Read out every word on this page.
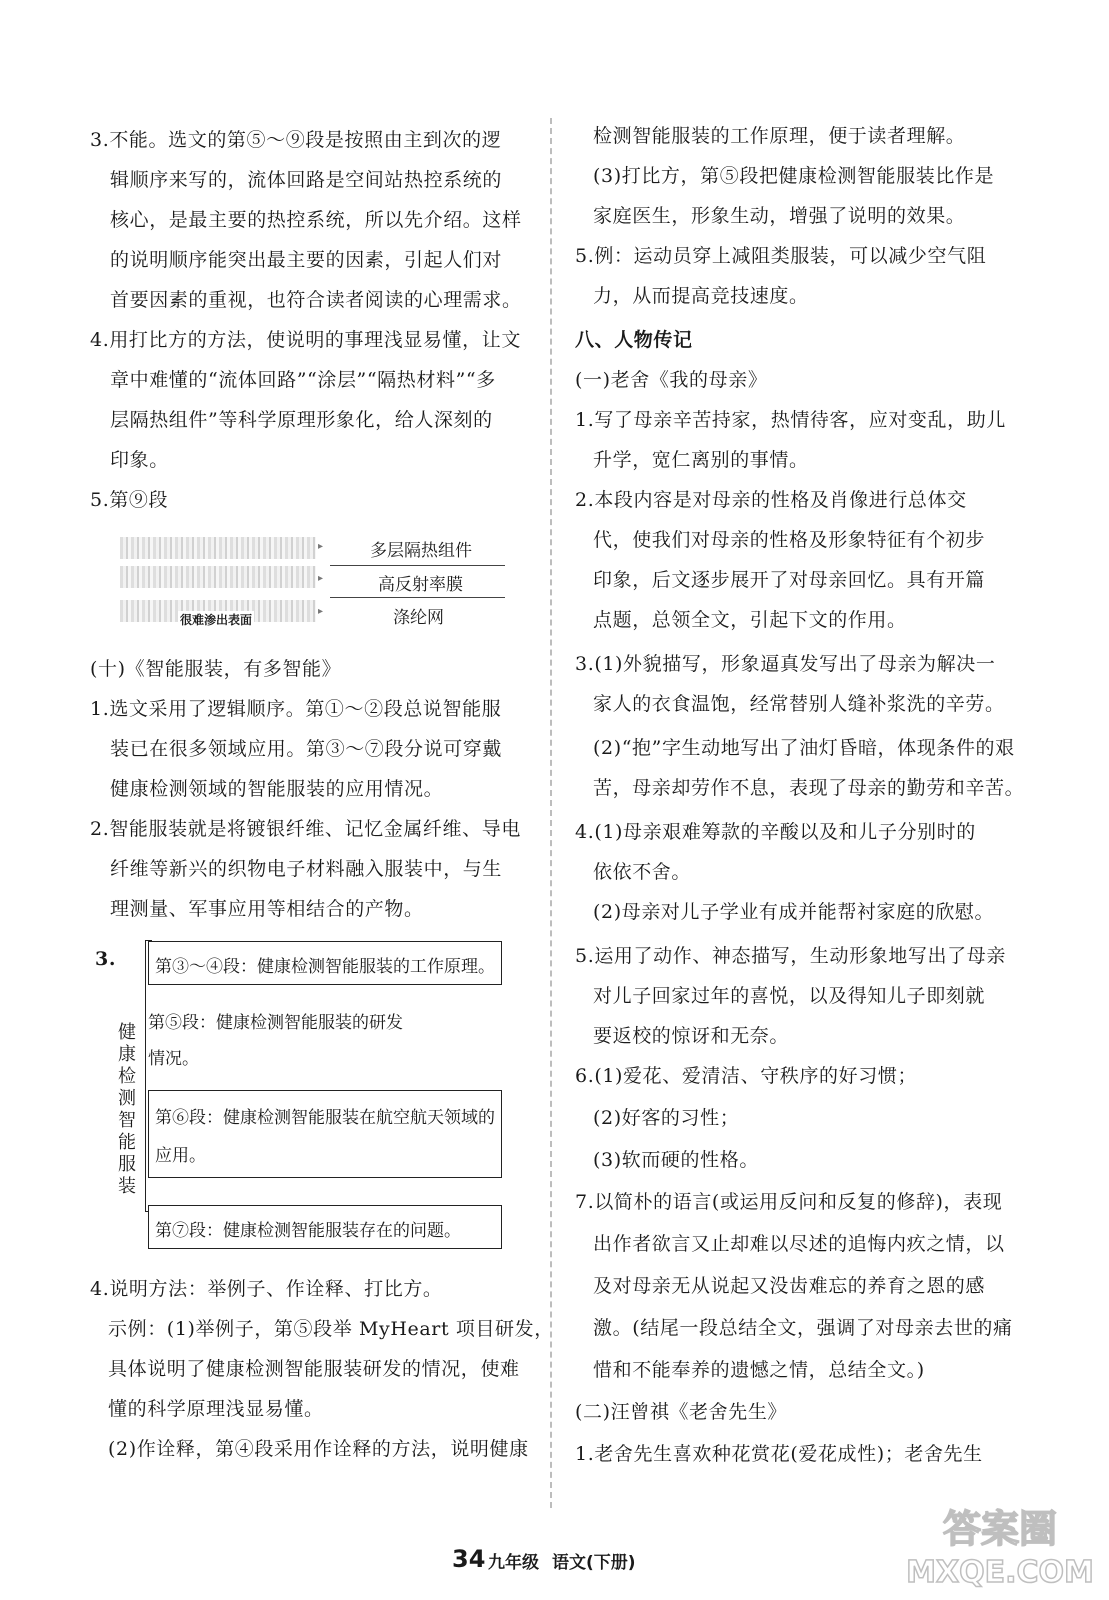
3.不能。选文的第⑤～⑨段是按照由主到次的逻
辑顺序来写的，流体回路是空间站热控系统的
核心，是最主要的热控系统，所以先介绍。这样
的说明顺序能突出最主要的因素，引起人们对
首要因素的重视，也符合读者阅读的心理需求。
4.用打比方的方法，使说明的事理浅显易懂，让文
章中难懂的“流体回路”“涂层”“隔热材料”“多
层隔热组件”等科学原理形象化，给人深刻的
印象。
5.第⑨段
▸
▸
▸
多层隔热组件
高反射率膜
涤纶网
很难渗出表面
(十)《智能服装，有多智能》
1.选文采用了逻辑顺序。第①～②段总说智能服
装已在很多领域应用。第③～⑦段分说可穿戴
健康检测领域的智能服装的应用情况。
2.智能服装就是将镀银纤维、记忆金属纤维、导电
纤维等新兴的织物电子材料融入服装中，与生
理测量、军事应用等相结合的产物。
3.
健康检测智能服装
第③～④段：健康检测智能服装的工作原理。
第⑤段：健康检测智能服装的研发
情况。
第⑥段：健康检测智能服装在航空航天领域的
应用。
第⑦段：健康检测智能服装存在的问题。
4.说明方法：举例子、作诠释、打比方。
示例：(1)举例子，第⑤段举 MyHeart 项目研发，
具体说明了健康检测智能服装研发的情况，使难
懂的科学原理浅显易懂。
(2)作诠释，第④段采用作诠释的方法，说明健康
检测智能服装的工作原理，便于读者理解。
(3)打比方，第⑤段把健康检测智能服装比作是
家庭医生，形象生动，增强了说明的效果。
5.例：运动员穿上减阻类服装，可以减少空气阻
力，从而提高竞技速度。
八、人物传记
(一)老舍《我的母亲》
1.写了母亲辛苦持家，热情待客，应对变乱，助儿
升学，宽仁离别的事情。
2.本段内容是对母亲的性格及肖像进行总体交
代，使我们对母亲的性格及形象特征有个初步
印象，后文逐步展开了对母亲回忆。具有开篇
点题，总领全文，引起下文的作用。
3.(1)外貌描写，形象逼真发写出了母亲为解决一
家人的衣食温饱，经常替别人缝补浆洗的辛劳。
(2)“抱”字生动地写出了油灯昏暗，体现条件的艰
苦，母亲却劳作不息，表现了母亲的勤劳和辛苦。
4.(1)母亲艰难筹款的辛酸以及和儿子分别时的
依依不舍。
(2)母亲对儿子学业有成并能帮衬家庭的欣慰。
5.运用了动作、神态描写，生动形象地写出了母亲
对儿子回家过年的喜悦，以及得知儿子即刻就
要返校的惊讶和无奈。
6.(1)爱花、爱清洁、守秩序的好习惯；
(2)好客的习性；
(3)软而硬的性格。
7.以简朴的语言(或运用反问和反复的修辞)，表现
出作者欲言又止却难以尽述的追悔内疚之情，以
及对母亲无从说起又没齿难忘的养育之恩的感
激。(结尾一段总结全文，强调了对母亲去世的痛
惜和不能奉养的遗憾之情，总结全文。)
(二)汪曾祺《老舍先生》
1.老舍先生喜欢种花赏花(爱花成性)；老舍先生
34 九年级 语文(下册)
答案圈
MXQE.COM
